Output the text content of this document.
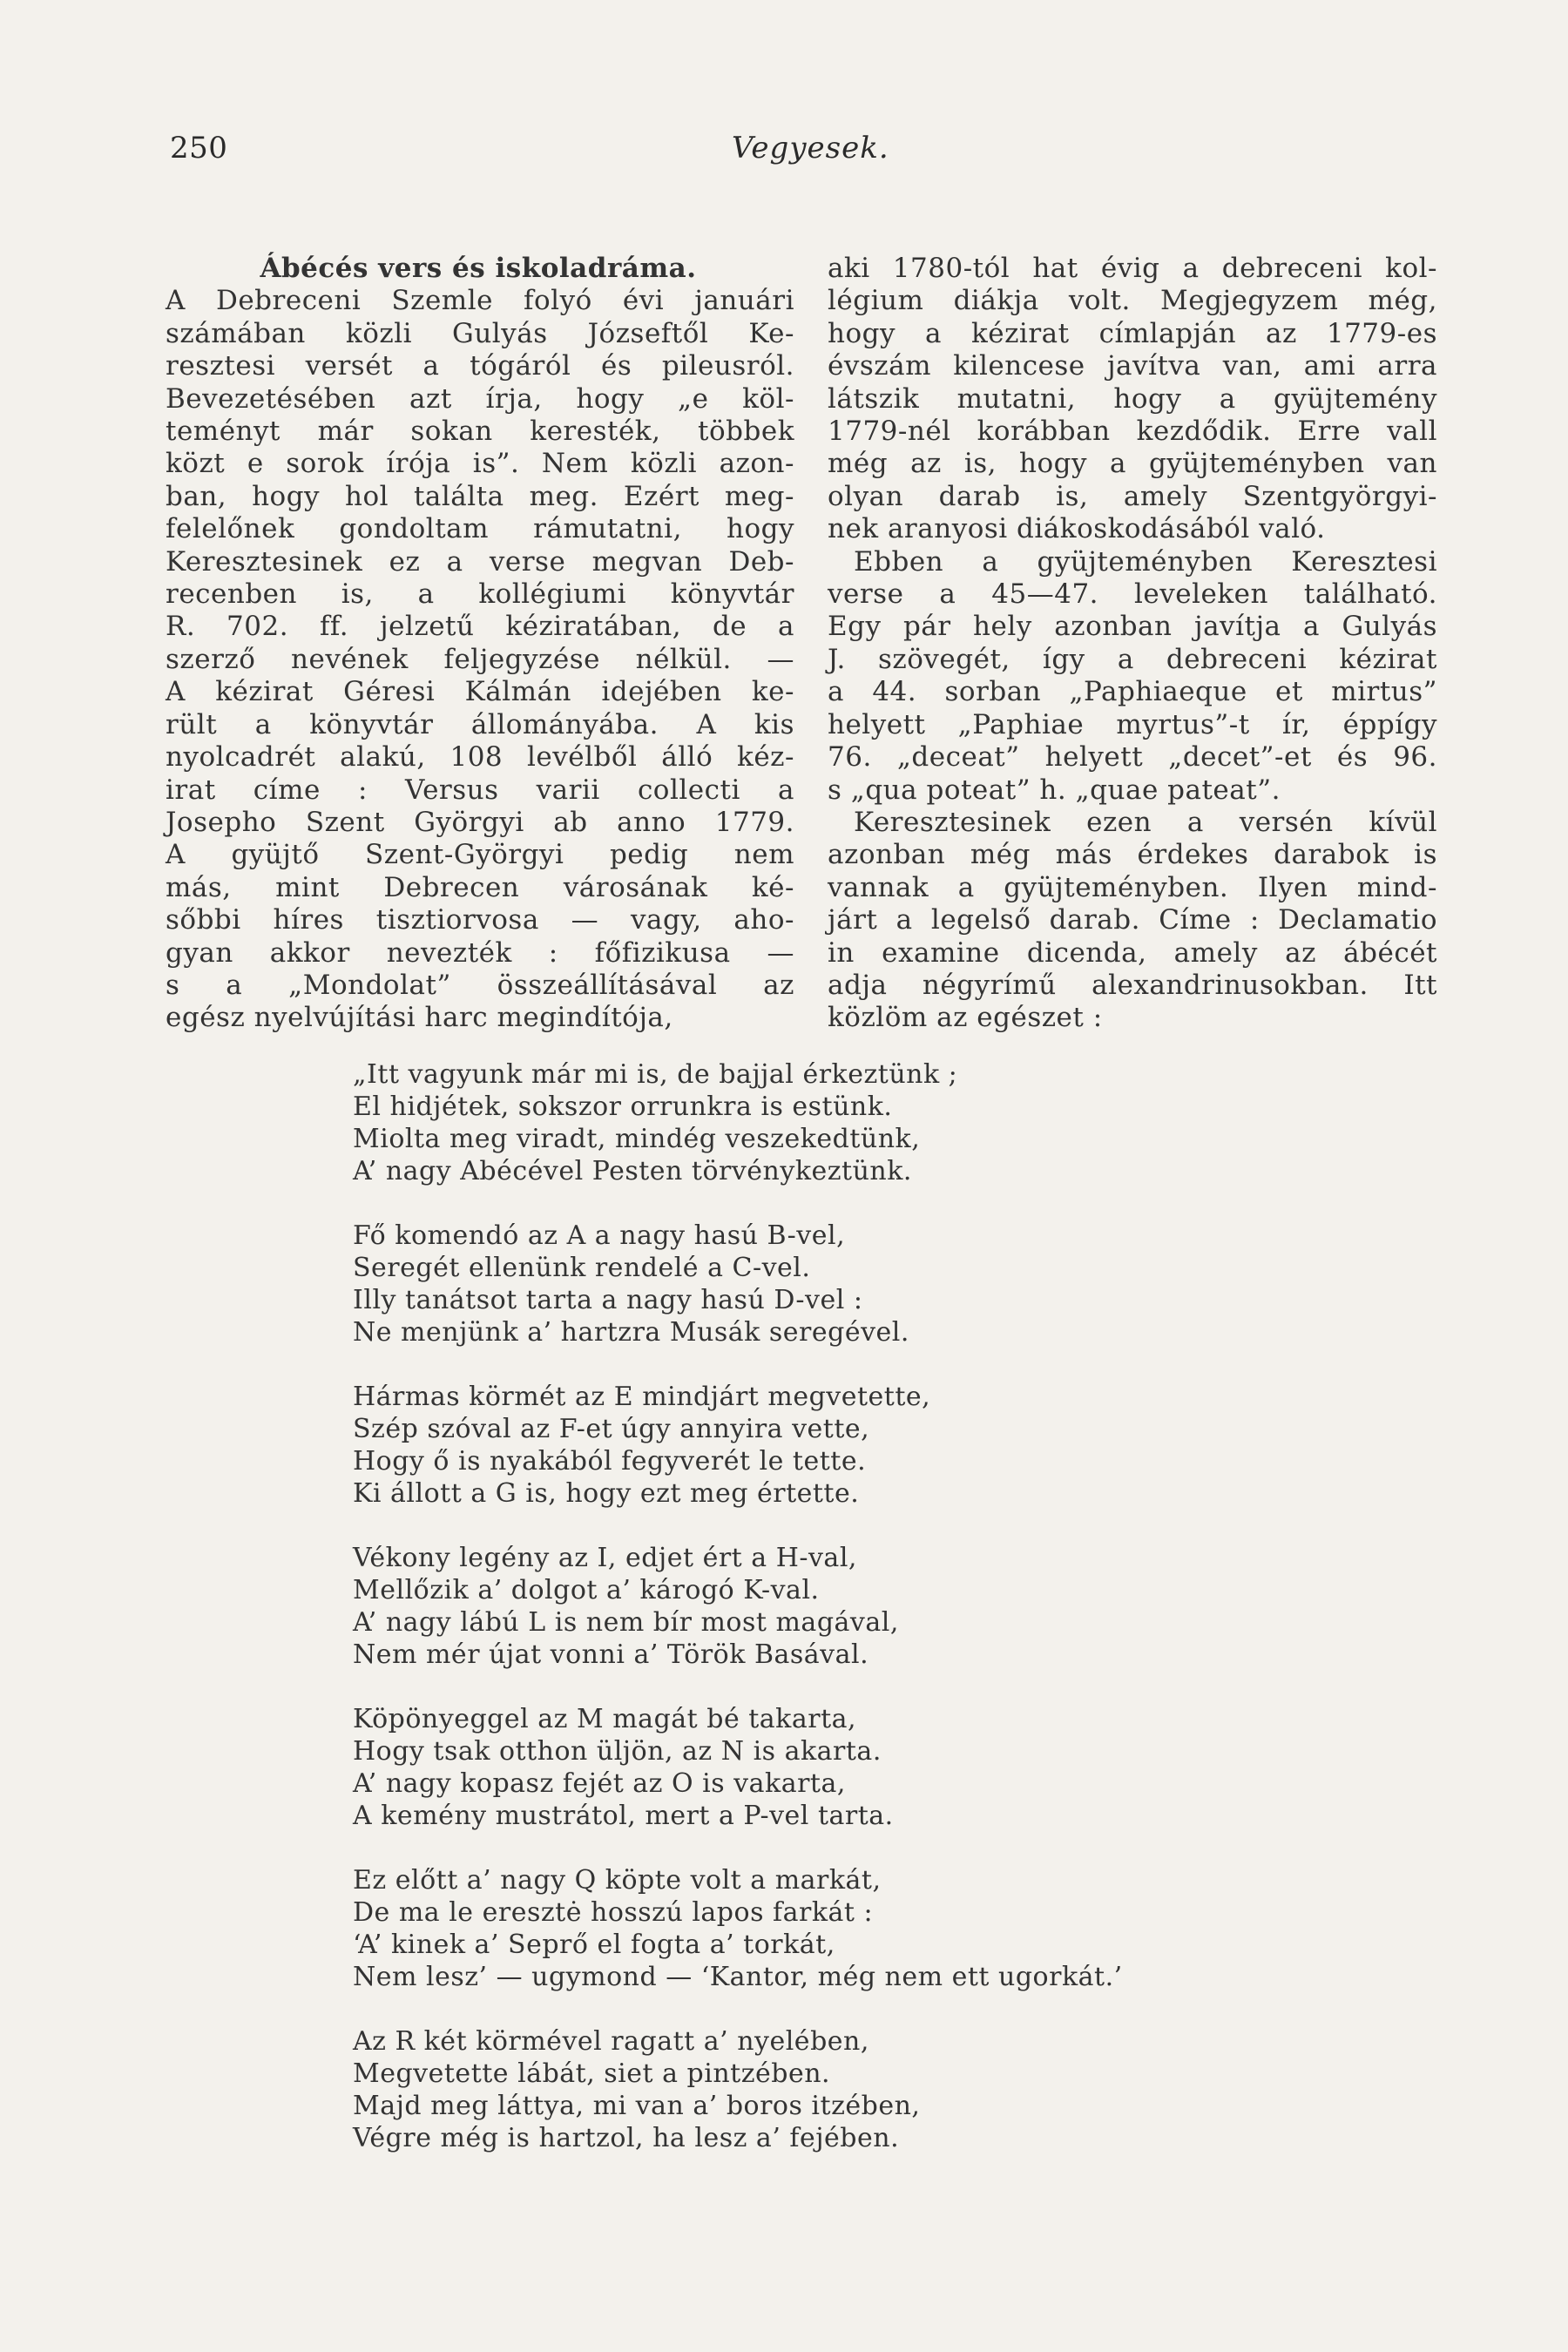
250	Vegyesek.
Ábécés vers és iskoladráma.
A Debreceni Szemle folyó évi januári
számában közli Gulyás Józseftől Ke-
resztesi versét a tógáról és pileusról.
Bevezetésében azt írja, hogy „e köl-
teményt már sokan keresték, többek
közt e sorok írója is”. Nem közli azon-
ban, hogy hol találta meg. Ezért meg-
felelőnek gondoltam rámutatni, hogy
Keresztesinek ez a verse megvan Deb-
recenben is, a kollégiumi könyvtár
R. 702. ff. jelzetű kéziratában, de a
szerző nevének feljegyzése nélkül. —
A kézirat Géresi Kálmán idejében ke-
rült a könyvtár állományába. A kis
nyolcadrét alakú, 108 levélből álló kéz-
irat címe : Versus varii collecti a
Josepho Szent Györgyi ab anno 1779.
A gyüjtő Szent-Györgyi pedig nem
más, mint Debrecen városának ké-
sőbbi híres tisztiorvosa — vagy, aho-
gyan akkor nevezték : főfizikusa —
s a „Mondolat” összeállításával az
egész nyelvújítási harc megindítója,
aki 1780-tól hat évig a debreceni kol-
légium diákja volt. Megjegyzem még,
hogy a kézirat címlapján az 1779-es
évszám kilencese javítva van, ami arra
látszik mutatni, hogy a gyüjtemény
1779-nél korábban kezdődik. Erre vall
még az is, hogy a gyüjteményben van
olyan darab is, amely Szentgyörgyi-
nek aranyosi diákoskodásából való.
Ebben a gyüjteményben Keresztesi
verse a 45—47. leveleken található.
Egy pár hely azonban javítja a Gulyás
J. szövegét, így a debreceni kézirat
a 44. sorban „Paphiaeque et mirtus”
helyett „Paphiae myrtus”-t ír, éppígy
76. „deceat” helyett „decet”-et és 96.
s „qua poteat” h. „quae pateat”.
Keresztesinek ezen a versén kívül
azonban még más érdekes darabok is
vannak a gyüjteményben. Ilyen mind-
járt a legelső darab. Címe : Declamatio
in examine dicenda, amely az ábécét
adja négyrímű alexandrinusokban. Itt
közlöm az egészet :
„Itt vagyunk már mi is, de bajjal érkeztünk ;
El hidjétek, sokszor orrunkra is estünk.
Miolta meg viradt, mindég veszekedtünk,
A’ nagy Abécével Pesten törvénykeztünk.
Fő komendó az A a nagy hasú B-vel,
Seregét ellenünk rendelé a C-vel.
Illy tanátsot tarta a nagy hasú D-vel :
Ne menjünk a’ hartzra Musák seregével.
Hármas körmét az E mindjárt megvetette,
Szép szóval az F-et úgy annyira vette,
Hogy ő is nyakából fegyverét le tette.
Ki állott a G is, hogy ezt meg értette.
Vékony legény az I, edjet ért a H-val,
Mellőzik a’ dolgot a’ károgó K-val.
A’ nagy lábú L is nem bír most magával,
Nem mér újat vonni a’ Török Basával.
Köpönyeggel az M magát bé takarta,
Hogy tsak otthon üljön, az N is akarta.
A’ nagy kopasz fejét az O is vakarta,
A kemény mustrátol, mert a P-vel tarta.
Ez előtt a’ nagy Q köpte volt a markát,
De ma le eresztė hosszú lapos farkát :
‘A’ kinek a’ Seprő el fogta a’ torkát,
Nem lesz’ — ugymond — ‘Kantor, még nem ett ugorkát.’
Az R két körmével ragatt a’ nyelében,
Megvetette lábát, siet a pintzében.
Majd meg láttya, mi van a’ boros itzében,
Végre még is hartzol, ha lesz a’ fejében.
